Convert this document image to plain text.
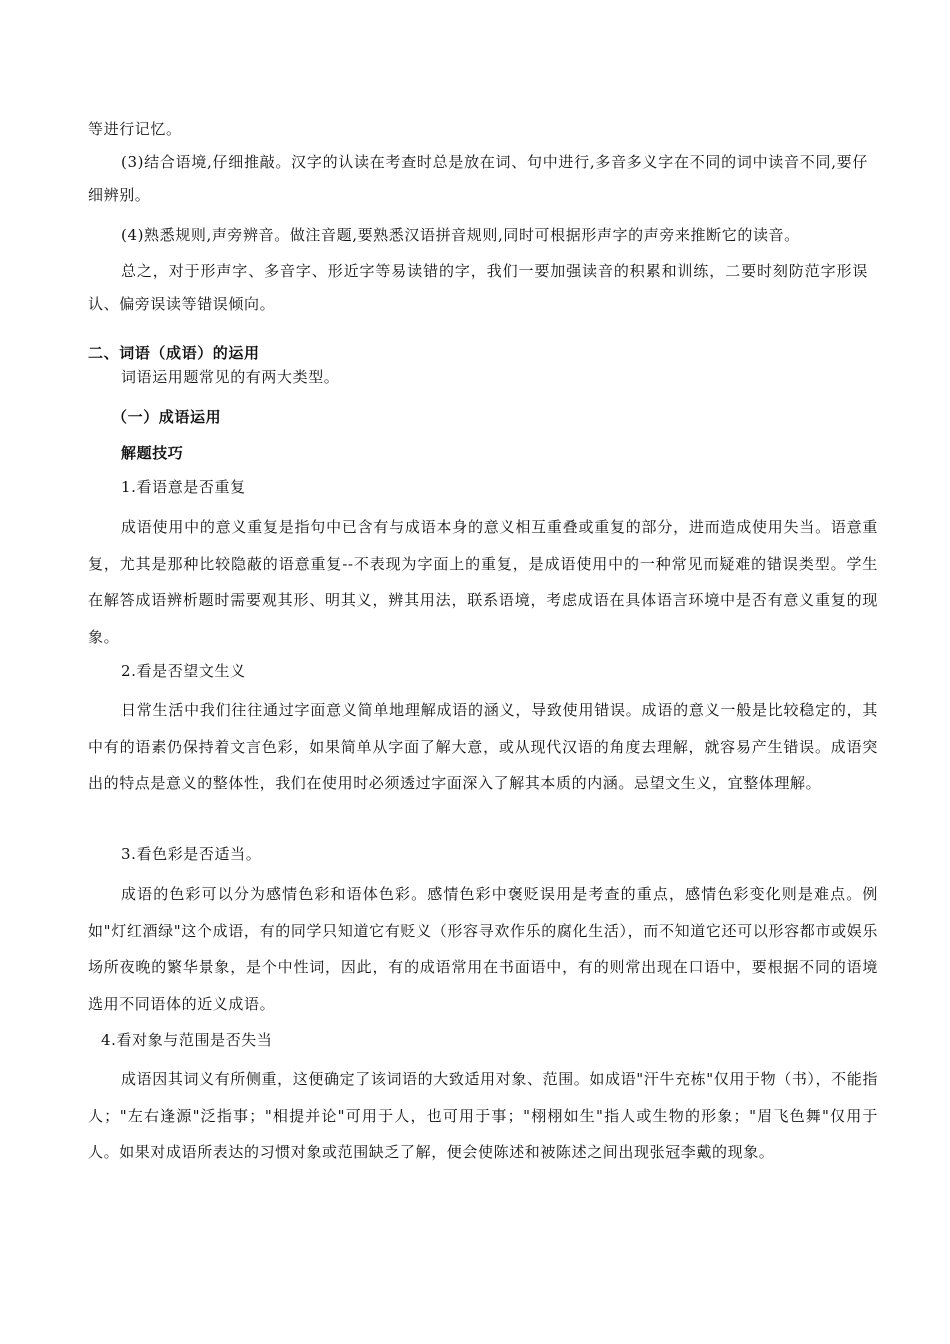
等进行记忆。

(3)结合语境,仔细推敲。汉字的认读在考查时总是放在词、句中进行,多音多义字在不同的词中读音不同,要仔细辨别。

(4)熟悉规则,声旁辨音。做注音题,要熟悉汉语拼音规则,同时可根据形声字的声旁来推断它的读音。

总之，对于形声字、多音字、形近字等易读错的字，我们一要加强读音的积累和训练，二要时刻防范字形误认、偏旁误读等错误倾向。

二、词语（成语）的运用

词语运用题常见的有两大类型。

（一）成语运用

解题技巧

1.看语意是否重复

成语使用中的意义重复是指句中已含有与成语本身的意义相互重叠或重复的部分，进而造成使用失当。语意重复，尤其是那种比较隐蔽的语意重复--不表现为字面上的重复，是成语使用中的一种常见而疑难的错误类型。学生在解答成语辨析题时需要观其形、明其义，辨其用法，联系语境，考虑成语在具体语言环境中是否有意义重复的现象。

2.看是否望文生义

日常生活中我们往往通过字面意义简单地理解成语的涵义，导致使用错误。成语的意义一般是比较稳定的，其中有的语素仍保持着文言色彩，如果简单从字面了解大意，或从现代汉语的角度去理解，就容易产生错误。成语突出的特点是意义的整体性，我们在使用时必须透过字面深入了解其本质的内涵。忌望文生义，宜整体理解。

3.看色彩是否适当。

成语的色彩可以分为感情色彩和语体色彩。感情色彩中褒贬误用是考查的重点，感情色彩变化则是难点。例如"灯红酒绿"这个成语，有的同学只知道它有贬义（形容寻欢作乐的腐化生活），而不知道它还可以形容都市或娱乐场所夜晚的繁华景象，是个中性词，因此，有的成语常用在书面语中，有的则常出现在口语中，要根据不同的语境选用不同语体的近义成语。

4.看对象与范围是否失当

成语因其词义有所侧重，这便确定了该词语的大致适用对象、范围。如成语"汗牛充栋"仅用于物（书），不能指人；"左右逢源"泛指事；"相提并论"可用于人，也可用于事；"栩栩如生"指人或生物的形象；"眉飞色舞"仅用于人。如果对成语所表达的习惯对象或范围缺乏了解，便会使陈述和被陈述之间出现张冠李戴的现象。
